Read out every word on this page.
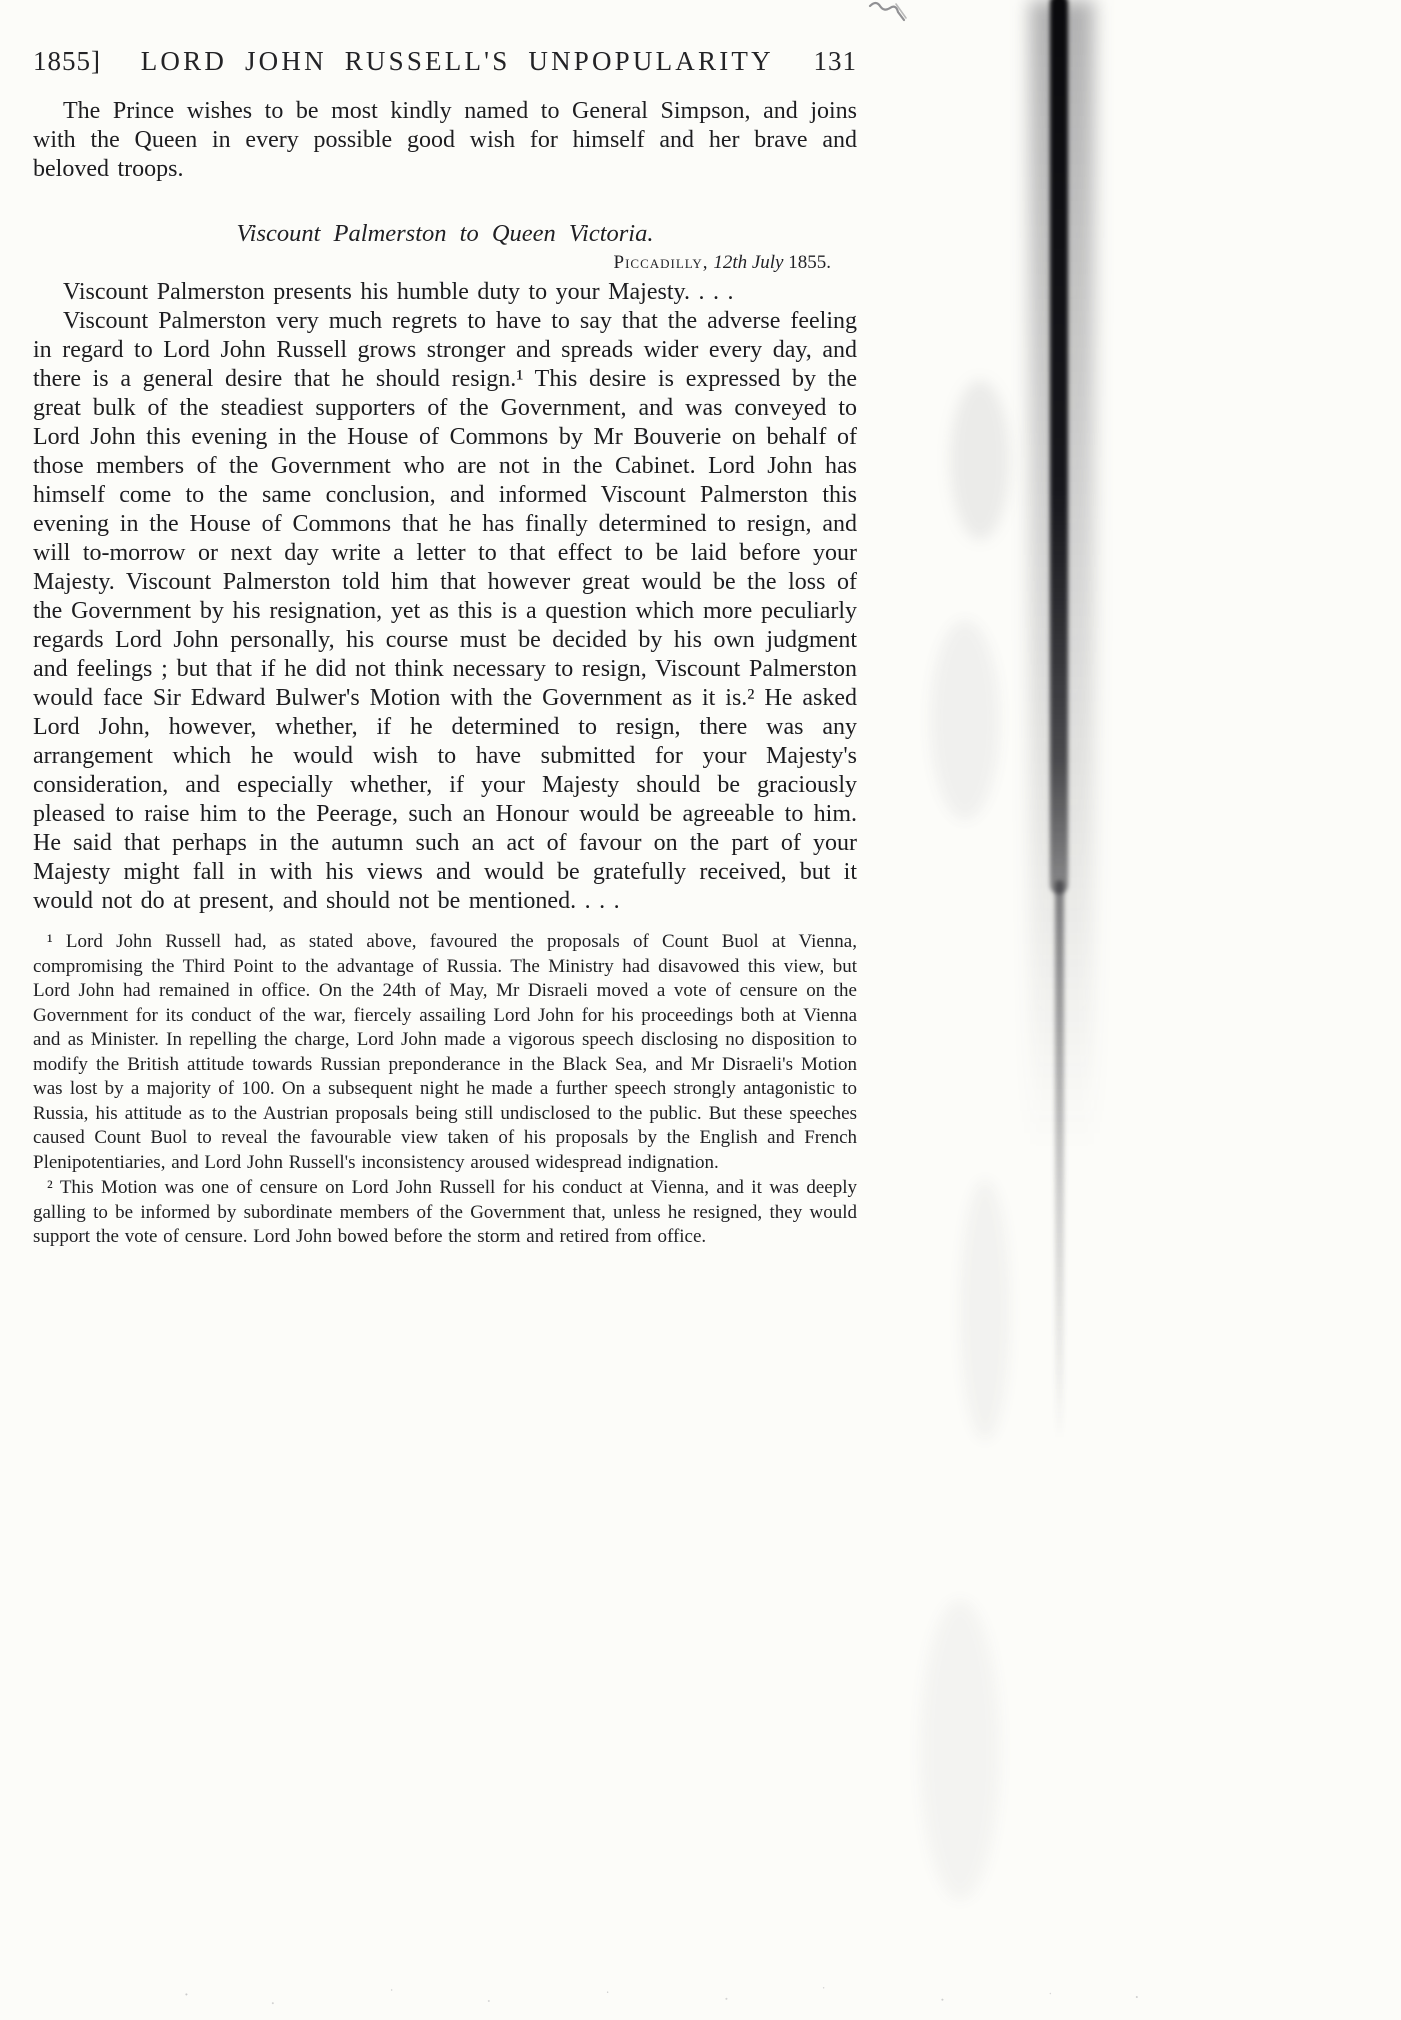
1855] LORD JOHN RUSSELL'S UNPOPULARITY 131

The Prince wishes to be most kindly named to General Simpson, and joins with the Queen in every possible good wish for himself and her brave and beloved troops.

Viscount Palmerston to Queen Victoria.
Piccadilly, 12th July 1855.

Viscount Palmerston presents his humble duty to your Majesty. . . .

Viscount Palmerston very much regrets to have to say that the adverse feeling in regard to Lord John Russell grows stronger and spreads wider every day, and there is a general desire that he should resign.¹ This desire is expressed by the great bulk of the steadiest supporters of the Government, and was conveyed to Lord John this evening in the House of Commons by Mr Bouverie on behalf of those members of the Government who are not in the Cabinet. Lord John has himself come to the same conclusion, and informed Viscount Palmerston this evening in the House of Commons that he has finally determined to resign, and will to-morrow or next day write a letter to that effect to be laid before your Majesty. Viscount Palmerston told him that however great would be the loss of the Government by his resignation, yet as this is a question which more peculiarly regards Lord John personally, his course must be decided by his own judgment and feelings ; but that if he did not think necessary to resign, Viscount Palmerston would face Sir Edward Bulwer's Motion with the Government as it is.² He asked Lord John, however, whether, if he determined to resign, there was any arrangement which he would wish to have submitted for your Majesty's consideration, and especially whether, if your Majesty should be graciously pleased to raise him to the Peerage, such an Honour would be agreeable to him. He said that perhaps in the autumn such an act of favour on the part of your Majesty might fall in with his views and would be gratefully received, but it would not do at present, and should not be mentioned. . . .

¹ Lord John Russell had, as stated above, favoured the proposals of Count Buol at Vienna, compromising the Third Point to the advantage of Russia. The Ministry had disavowed this view, but Lord John had remained in office. On the 24th of May, Mr Disraeli moved a vote of censure on the Government for its conduct of the war, fiercely assailing Lord John for his proceedings both at Vienna and as Minister. In repelling the charge, Lord John made a vigorous speech disclosing no disposition to modify the British attitude towards Russian preponderance in the Black Sea, and Mr Disraeli's Motion was lost by a majority of 100. On a subsequent night he made a further speech strongly antagonistic to Russia, his attitude as to the Austrian proposals being still undisclosed to the public. But these speeches caused Count Buol to reveal the favourable view taken of his proposals by the English and French Plenipotentiaries, and Lord John Russell's inconsistency aroused widespread indignation.

² This Motion was one of censure on Lord John Russell for his conduct at Vienna, and it was deeply galling to be informed by subordinate members of the Government that, unless he resigned, they would support the vote of censure. Lord John bowed before the storm and retired from office.
